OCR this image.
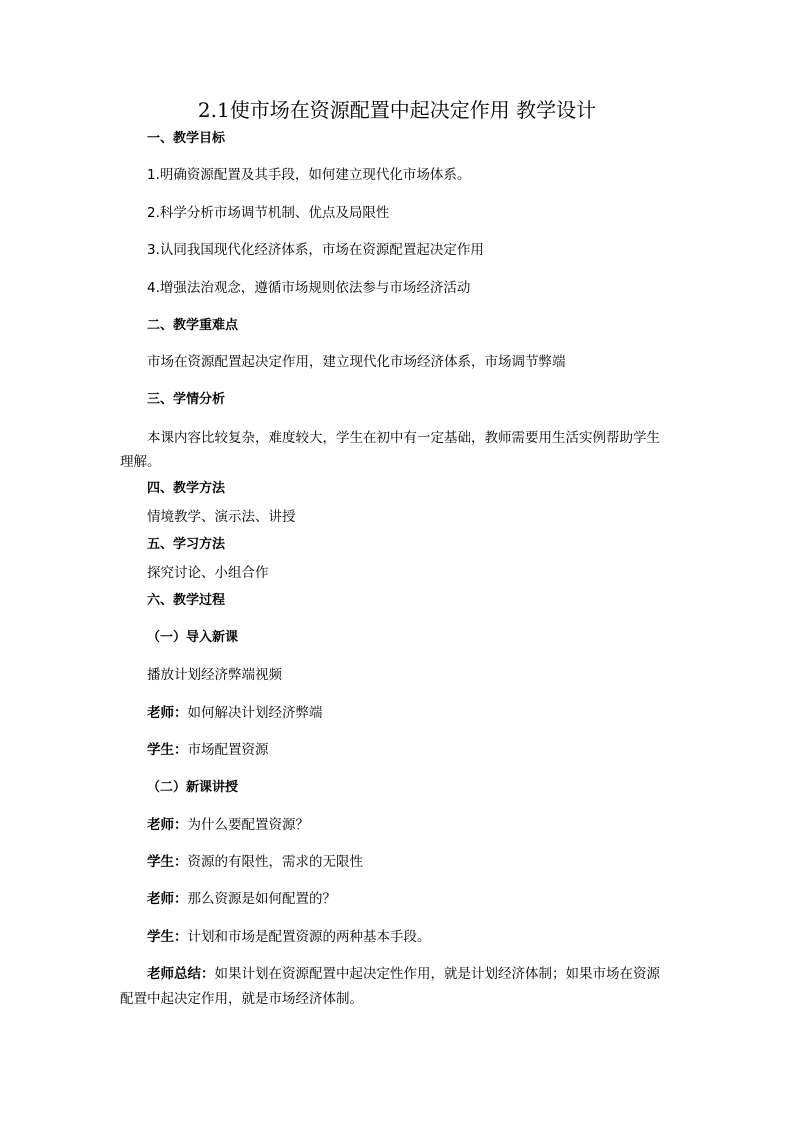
2.1使市场在资源配置中起决定作用 教学设计
一、教学目标
1.明确资源配置及其手段，如何建立现代化市场体系。
2.科学分析市场调节机制、优点及局限性
3.认同我国现代化经济体系，市场在资源配置起决定作用
4.增强法治观念，遵循市场规则依法参与市场经济活动
二、教学重难点
市场在资源配置起决定作用，建立现代化市场经济体系，市场调节弊端
三、学情分析
本课内容比较复杂，难度较大，学生在初中有一定基础，教师需要用生活实例帮助学生
理解。
四、教学方法
情境教学、演示法、讲授
五、学习方法
探究讨论、小组合作
六、教学过程
（一）导入新课
播放计划经济弊端视频
老师：如何解决计划经济弊端
学生：市场配置资源
（二）新课讲授
老师：为什么要配置资源？
学生：资源的有限性，需求的无限性
老师：那么资源是如何配置的？
学生：计划和市场是配置资源的两种基本手段。
老师总结：如果计划在资源配置中起决定性作用，就是计划经济体制；如果市场在资源
配置中起决定作用，就是市场经济体制。
